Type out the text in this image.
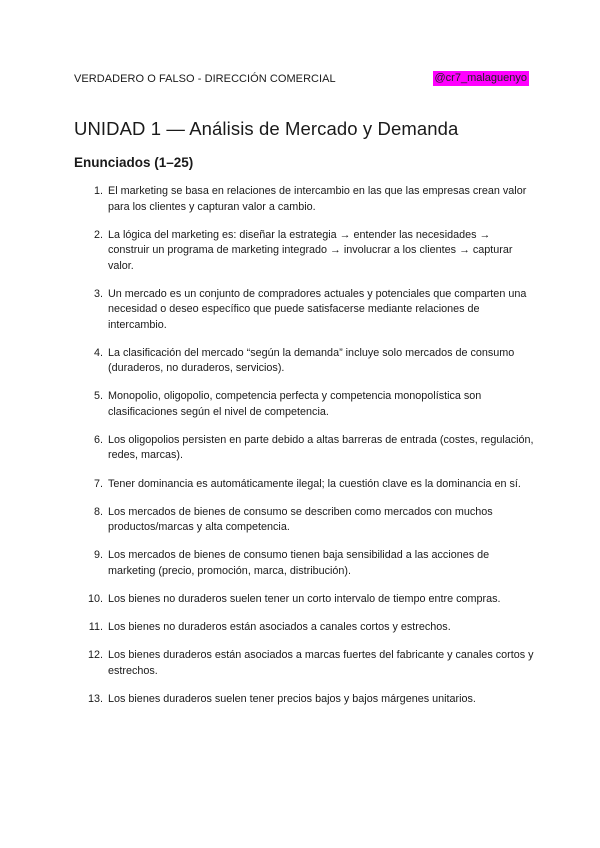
VERDADERO O FALSO - DIRECCIÓN COMERCIAL	@cr7_malaguenyo
UNIDAD 1 — Análisis de Mercado y Demanda
Enunciados (1–25)
1. El marketing se basa en relaciones de intercambio en las que las empresas crean valor para los clientes y capturan valor a cambio.
2. La lógica del marketing es: diseñar la estrategia → entender las necesidades → construir un programa de marketing integrado → involucrar a los clientes → capturar valor.
3. Un mercado es un conjunto de compradores actuales y potenciales que comparten una necesidad o deseo específico que puede satisfacerse mediante relaciones de intercambio.
4. La clasificación del mercado “según la demanda” incluye solo mercados de consumo (duraderos, no duraderos, servicios).
5. Monopolio, oligopolio, competencia perfecta y competencia monopolística son clasificaciones según el nivel de competencia.
6. Los oligopolios persisten en parte debido a altas barreras de entrada (costes, regulación, redes, marcas).
7. Tener dominancia es automáticamente ilegal; la cuestión clave es la dominancia en sí.
8. Los mercados de bienes de consumo se describen como mercados con muchos productos/marcas y alta competencia.
9. Los mercados de bienes de consumo tienen baja sensibilidad a las acciones de marketing (precio, promoción, marca, distribución).
10. Los bienes no duraderos suelen tener un corto intervalo de tiempo entre compras.
11. Los bienes no duraderos están asociados a canales cortos y estrechos.
12. Los bienes duraderos están asociados a marcas fuertes del fabricante y canales cortos y estrechos.
13. Los bienes duraderos suelen tener precios bajos y bajos márgenes unitarios.
